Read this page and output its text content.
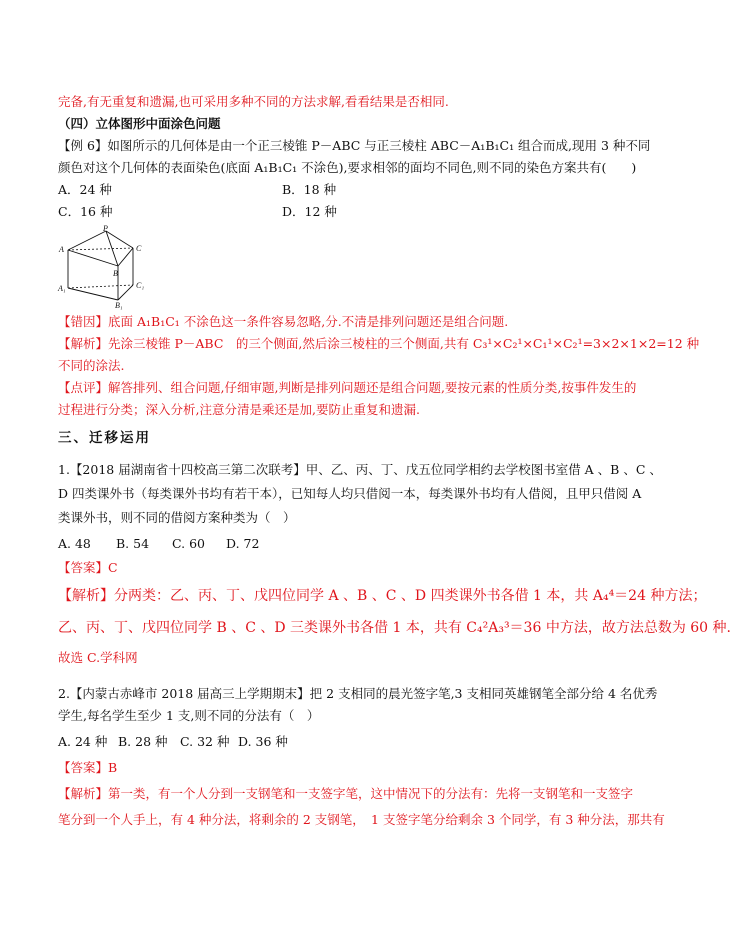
完备,有无重复和遗漏,也可采用多种不同的方法求解,看看结果是否相同.
（四）立体图形中面涂色问题
【例 6】如图所示的几何体是由一个正三棱锥 P－ABC 与正三棱柱 ABC－A₁B₁C₁ 组合而成,现用 3 种不同
颜色对这个几何体的表面染色(底面 A₁B₁C₁ 不涂色),要求相邻的面均不同色,则不同的染色方案共有(　　)
A．24 种	B．18 种
C．16 种	D．12 种
P
A	C
B
A₁	C₁
B₁
【错因】底面 A₁B₁C₁ 不涂色这一条件容易忽略,分.不清是排列问题还是组合问题.
【解析】先涂三棱锥 P－ABC　的三个侧面,然后涂三棱柱的三个侧面,共有 C₃¹×C₂¹×C₁¹×C₂¹=3×2×1×2=12 种
不同的涂法.
【点评】解答排列、组合问题,仔细审题,判断是排列问题还是组合问题,要按元素的性质分类,按事件发生的
过程进行分类；深入分析,注意分清是乘还是加,要防止重复和遗漏.
三、迁移运用
1.【2018 届湖南省十四校高三第二次联考】甲、乙、丙、丁、戊五位同学相约去学校图书室借 A 、B 、C 、
D 四类课外书（每类课外书均有若干本），已知每人均只借阅一本，每类课外书均有人借阅，且甲只借阅 A
类课外书，则不同的借阅方案种类为（　）
A. 48 B. 54 C. 60 D. 72
【答案】C
【解析】分两类：乙、丙、丁、戊四位同学 A 、B 、C 、D 四类课外书各借 1 本，共 A₄⁴＝24 种方法；
乙、丙、丁、戊四位同学 B 、C 、D 三类课外书各借 1 本，共有 C₄²A₃³＝36 中方法，故方法总数为 60 种.
故选 C.学科网
2.【内蒙古赤峰市 2018 届高三上学期期末】把 2 支相同的晨光签字笔,3 支相同英雄钢笔全部分给 4 名优秀
学生,每名学生至少 1 支,则不同的分法有（　）
A. 24 种 B. 28 种 C. 32 种 D. 36 种
【答案】B
【解析】第一类，有一个人分到一支钢笔和一支签字笔，这中情况下的分法有：先将一支钢笔和一支签字
笔分到一个人手上，有 4 种分法，将剩余的 2 支钢笔，　1 支签字笔分给剩余 3 个同学，有 3 种分法，那共有
